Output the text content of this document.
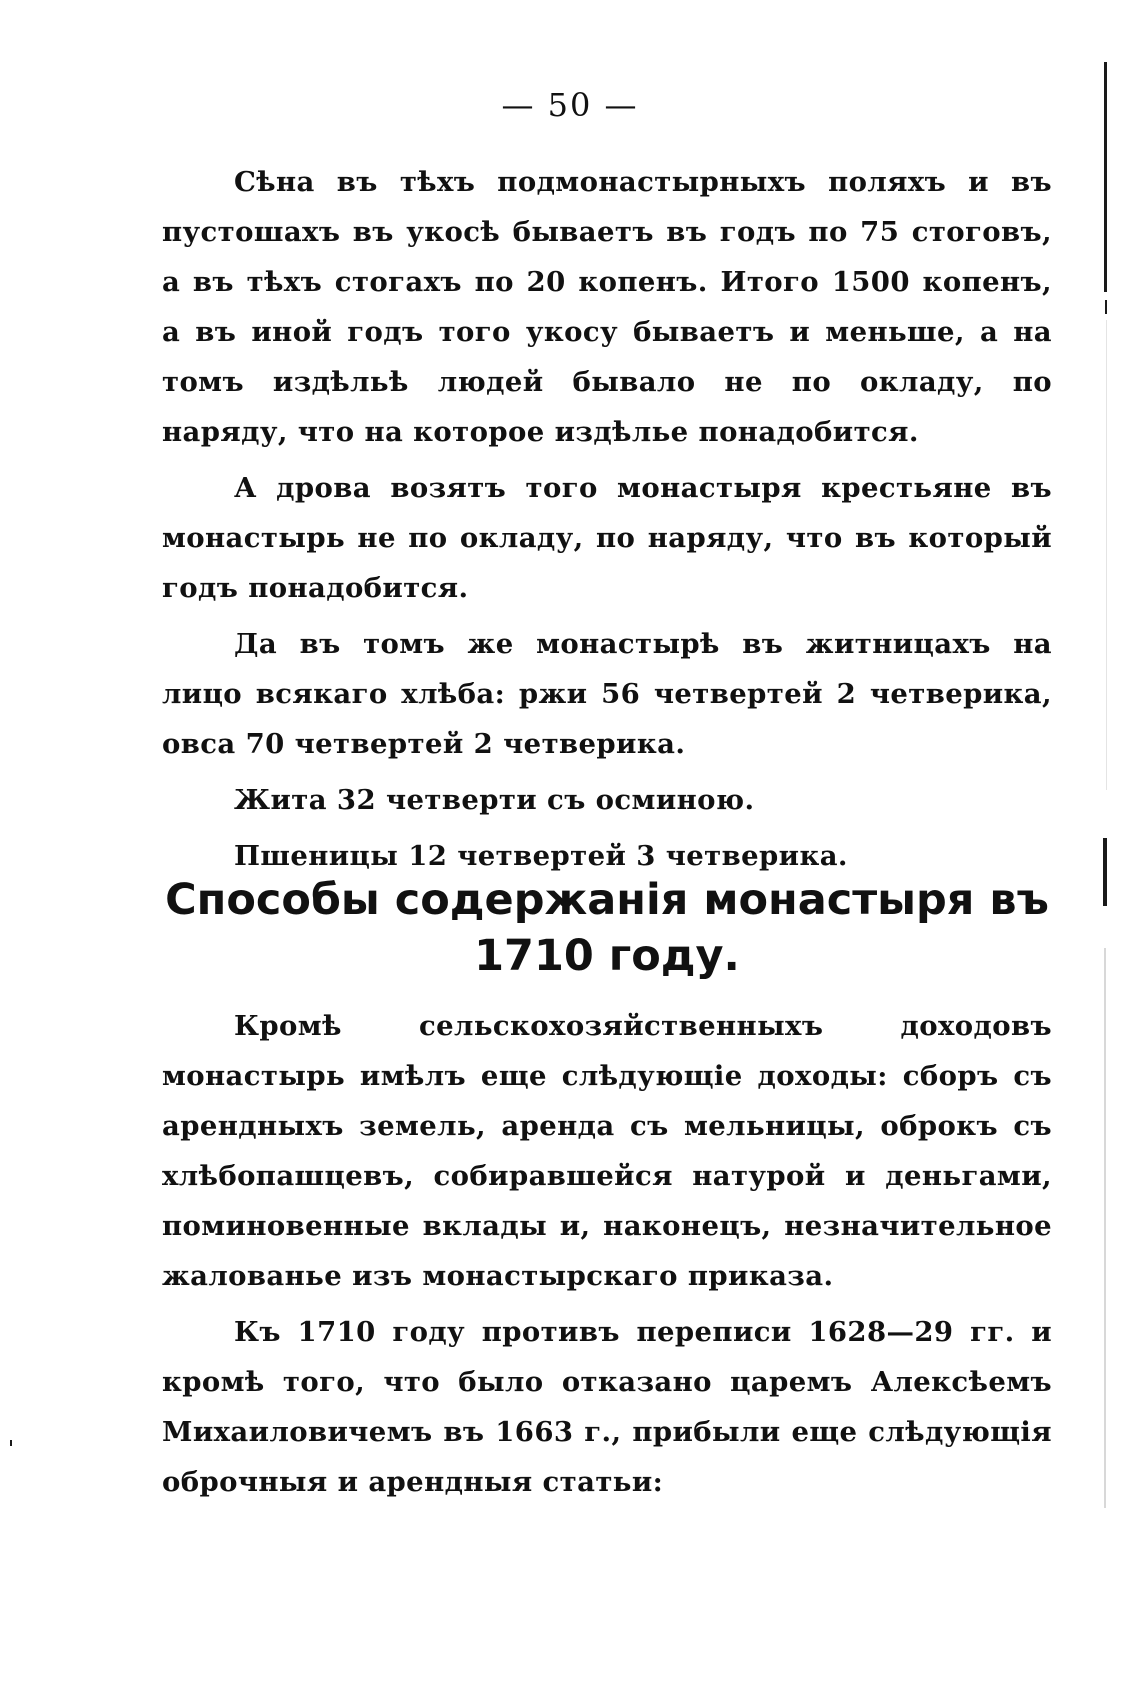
— 50 —

Сѣна въ тѣхъ подмонастырныхъ поляхъ и въ пустошахъ въ укосѣ бываетъ въ годъ по 75 стоговъ, а въ тѣхъ стогахъ по 20 копенъ. Итого 1500 копенъ, а въ иной годъ того укосу бываетъ и меньше, а на томъ издѣльѣ людей бывало не по окладу, по наряду, что на которое издѣлье понадобится.

А дрова возятъ того монастыря крестьяне въ монастырь не по окладу, по наряду, что въ который годъ понадобится.

Да въ томъ же монастырѣ въ житницахъ на лицо всякаго хлѣба: ржи 56 четвертей 2 четверика, овса 70 четвертей 2 четверика.

Жита 32 четверти съ осминою.

Пшеницы 12 четвертей 3 четверика.

Способы содержанія монастыря въ
1710 году.

Кромѣ сельскохозяйственныхъ доходовъ монастырь имѣлъ еще слѣдующіе доходы: сборъ съ арендныхъ земель, аренда съ мельницы, оброкъ съ хлѣбопашцевъ, собиравшейся натурой и деньгами, поминовенные вклады и, наконецъ, незначительное жалованье изъ монастырскаго приказа.

Къ 1710 году противъ переписи 1628—29 гг. и кромѣ того, что было отказано царемъ Алексѣемъ Михаиловичемъ въ 1663 г., прибыли еще слѣдующія оброчныя и арендныя статьи:
